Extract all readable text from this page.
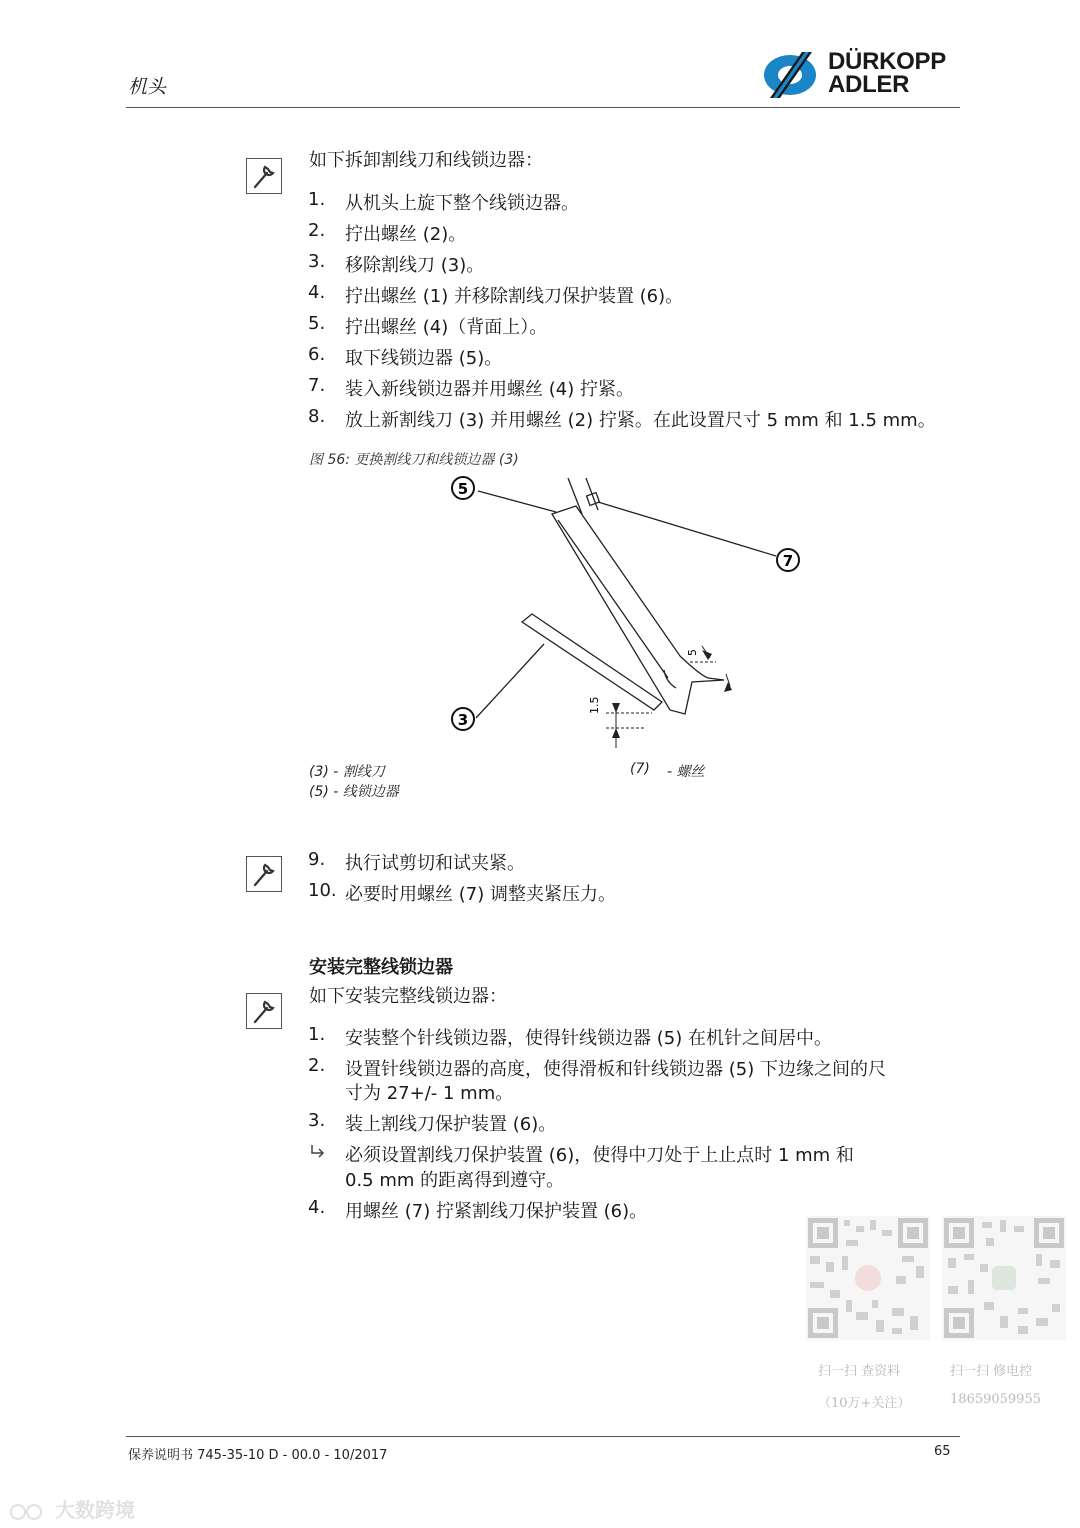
机头
DÜRKOPP
ADLER
如下拆卸割线刀和线锁边器：
1. 从机头上旋下整个线锁边器。
2. 拧出螺丝 (2)。
3. 移除割线刀 (3)。
4. 拧出螺丝 (1) 并移除割线刀保护装置 (6)。
5. 拧出螺丝 (4)（背面上）。
6. 取下线锁边器 (5)。
7. 装入新线锁边器并用螺丝 (4) 拧紧。
8. 放上新割线刀 (3) 并用螺丝 (2) 拧紧。在此设置尺寸 5 mm 和 1.5 mm。
图 56: 更换割线刀和线锁边器 (3)
5
1.5
5
7
3
(3) - 割线刀
(5) - 线锁边器
(7) - 螺丝
9. 执行试剪切和试夹紧。
10. 必要时用螺丝 (7) 调整夹紧压力。
安装完整线锁边器
如下安装完整线锁边器：
1. 安装整个针线锁边器，使得针线锁边器 (5) 在机针之间居中。
2. 设置针线锁边器的高度，使得滑板和针线锁边器 (5) 下边缘之间的尺
寸为 27+/- 1 mm。
3. 装上割线刀保护装置 (6)。
必须设置割线刀保护装置 (6)，使得中刀处于上止点时 1 mm 和
0.5 mm 的距离得到遵守。
4. 用螺丝 (7) 拧紧割线刀保护装置 (6)。
扫一扫 查资料
（10万+关注）
扫一扫 修电控
18659059955
保养说明书 745-35-10 D - 00.0 - 10/2017	65
大数跨境
